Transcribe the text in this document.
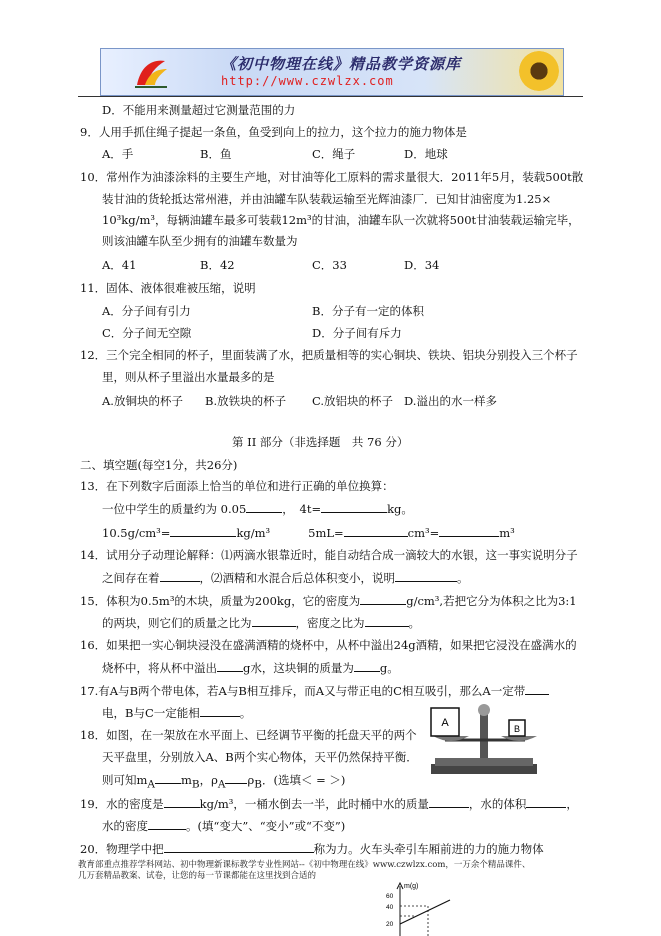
《初中物理在线》精品教学资源库
http://www.czwlzx.com
D．不能用来测量超过它测量范围的力
9．人用手抓住绳子提起一条鱼，鱼受到向上的拉力，这个拉力的施力物体是
A．手	B．鱼	C．绳子	D．地球
10．常州作为油漆涂料的主要生产地，对甘油等化工原料的需求量很大．2011年5月，装载500t散
装甘油的货轮抵达常州港，并由油罐车队装载运输至光辉油漆厂．已知甘油密度为1.25×
10³kg/m³，每辆油罐车最多可装载12m³的甘油，油罐车队一次就将500t甘油装载运输完毕，
则该油罐车队至少拥有的油罐车数量为
A．41	B．42	C．33	D．34
11．固体、液体很难被压缩，说明
A．分子间有引力	B．分子有一定的体积
C．分子间无空隙	D．分子间有斥力
12．三个完全相同的杯子，里面装满了水，把质量相等的实心铜块、铁块、铝块分别投入三个杯子
里，则从杯子里溢出水量最多的是
A.放铜块的杯子 B.放铁块的杯子 C.放铝块的杯子 D.溢出的水一样多
第 II 部分（非选择题　共 76 分）
二、填空题(每空1分，共26分)
13．在下列数字后面添上恰当的单位和进行正确的单位换算：
一位中学生的质量约为 0.05	，　4t=	kg。
10.5g/cm³=	kg/m³	5mL=	cm³=	m³
14．试用分子动理论解释：⑴两滴水银靠近时，能自动结合成一滴较大的水银，这一事实说明分子
之间存在着	，⑵酒精和水混合后总体积变小，说明	。
15．体积为0.5m³的木块，质量为200kg，它的密度为	g/cm³,若把它分为体积之比为3:1
的两块，则它们的质量之比为	，密度之比为	。
16．如果把一实心铜块浸没在盛满酒精的烧杯中，从杯中溢出24g酒精，如果把它浸没在盛满水的
烧杯中，将从杯中溢出 g水，这块铜的质量为 g。
17.有A与B两个带电体，若A与B相互排斥，而A又与带正电的C相互吸引，那么A一定带
电，B与C一定能相	。
18．如图，在一架放在水平面上、已经调节平衡的托盘天平的两个
天平盘里，分别放入A、B两个实心物体，天平仍然保持平衡．
则可知$m_A$ $m_B$，$\rho_A$ $\rho_B$．(选填＜ = ＞)
A	B
19．水的密度是	kg/m³，一桶水倒去一半，此时桶中水的质量	，水的体积	，
水的密度	。(填“变大”、“变小”或“不变”)
20．物理学中把	称为力。火车头牵引车厢前进的力的施力物体
教育部重点推荐学科网站、初中物理新课标教学专业性网站--《初中物理在线》www.czwlzx.com，一万余个精品课件、
几万套精品教案、试卷，让您的每一节课都能在这里找到合适的
m(g)
60
40
20
